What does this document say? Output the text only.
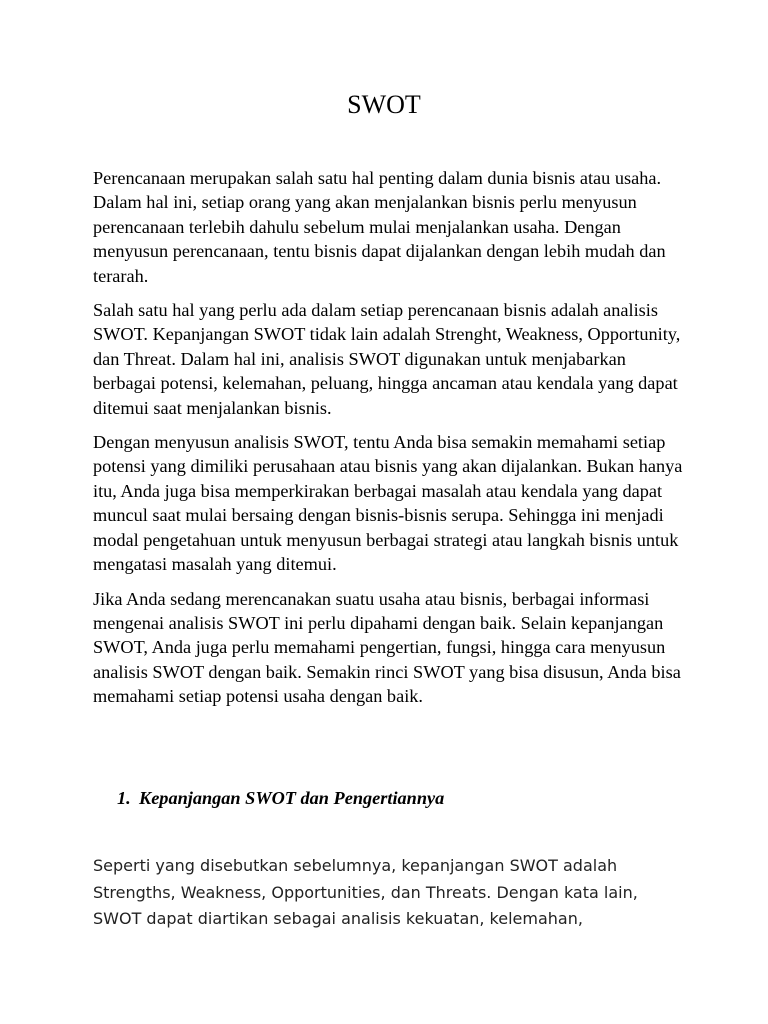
SWOT

Perencanaan merupakan salah satu hal penting dalam dunia bisnis atau usaha. Dalam hal ini, setiap orang yang akan menjalankan bisnis perlu menyusun perencanaan terlebih dahulu sebelum mulai menjalankan usaha. Dengan menyusun perencanaan, tentu bisnis dapat dijalankan dengan lebih mudah dan terarah.

Salah satu hal yang perlu ada dalam setiap perencanaan bisnis adalah analisis SWOT. Kepanjangan SWOT tidak lain adalah Strenght, Weakness, Opportunity, dan Threat. Dalam hal ini, analisis SWOT digunakan untuk menjabarkan berbagai potensi, kelemahan, peluang, hingga ancaman atau kendala yang dapat ditemui saat menjalankan bisnis.

Dengan menyusun analisis SWOT, tentu Anda bisa semakin memahami setiap potensi yang dimiliki perusahaan atau bisnis yang akan dijalankan. Bukan hanya itu, Anda juga bisa memperkirakan berbagai masalah atau kendala yang dapat muncul saat mulai bersaing dengan bisnis-bisnis serupa. Sehingga ini menjadi modal pengetahuan untuk menyusun berbagai strategi atau langkah bisnis untuk mengatasi masalah yang ditemui.

Jika Anda sedang merencanakan suatu usaha atau bisnis, berbagai informasi mengenai analisis SWOT ini perlu dipahami dengan baik. Selain kepanjangan SWOT, Anda juga perlu memahami pengertian, fungsi, hingga cara menyusun analisis SWOT dengan baik. Semakin rinci SWOT yang bisa disusun, Anda bisa memahami setiap potensi usaha dengan baik.

1. Kepanjangan SWOT dan Pengertiannya

Seperti yang disebutkan sebelumnya, kepanjangan SWOT adalah Strengths, Weakness, Opportunities, dan Threats. Dengan kata lain, SWOT dapat diartikan sebagai analisis kekuatan, kelemahan,
